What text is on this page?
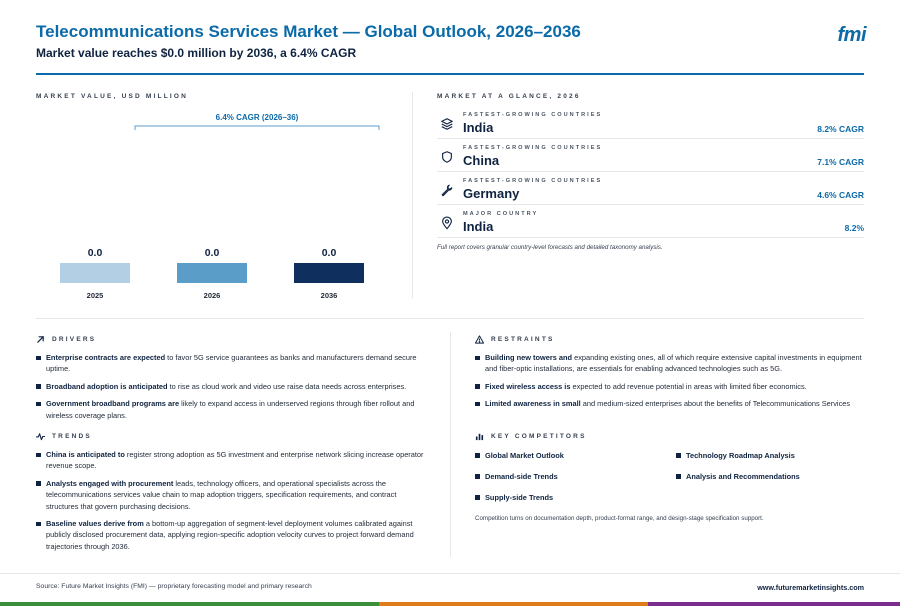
Telecommunications Services Market — Global Outlook, 2026–2036
Market value reaches $0.0 million by 2036, a 6.4% CAGR
fmi
MARKET VALUE, USD MILLION
0.0
2025
0.0
2026
0.0
2036
6.4% CAGR (2026–36)
MARKET AT A GLANCE, 2026
FASTEST-GROWING COUNTRIES
India	8.2% CAGR
FASTEST-GROWING COUNTRIES
China	7.1% CAGR
FASTEST-GROWING COUNTRIES
Germany	4.6% CAGR
MAJOR COUNTRY
India	8.2%
Full report covers granular country-level forecasts and detailed taxonomy analysis.
DRIVERS
Enterprise contracts are expected to favor 5G service guarantees as banks and manufacturers demand secure uptime.
Broadband adoption is anticipated to rise as cloud work and video use raise data needs across enterprises.
Government broadband programs are likely to expand access in underserved regions through fiber rollout and wireless coverage plans.
TRENDS
China is anticipated to register strong adoption as 5G investment and enterprise network slicing increase operator revenue scope.
Analysts engaged with procurement leads, technology officers, and operational specialists across the telecommunications services value chain to map adoption triggers, specification requirements, and contract structures that govern purchasing decisions.
Baseline values derive from a bottom-up aggregation of segment-level deployment volumes calibrated against publicly disclosed procurement data, applying region-specific adoption velocity curves to project forward demand trajectories through 2036.
RESTRAINTS
Building new towers and expanding existing ones, all of which require extensive capital investments in equipment and fiber-optic installations, are essentials for enabling advanced technologies such as 5G.
Fixed wireless access is expected to add revenue potential in areas with limited fiber economics.
Limited awareness in small and medium-sized enterprises about the benefits of Telecommunications Services
KEY COMPETITORS
Global Market Outlook	Technology Roadmap Analysis
Demand-side Trends	Analysis and Recommendations
Supply-side Trends
Competition turns on documentation depth, product-format range, and design-stage specification support.
Source: Future Market Insights (FMI) — proprietary forecasting model and primary research	www.futuremarketinsights.com
